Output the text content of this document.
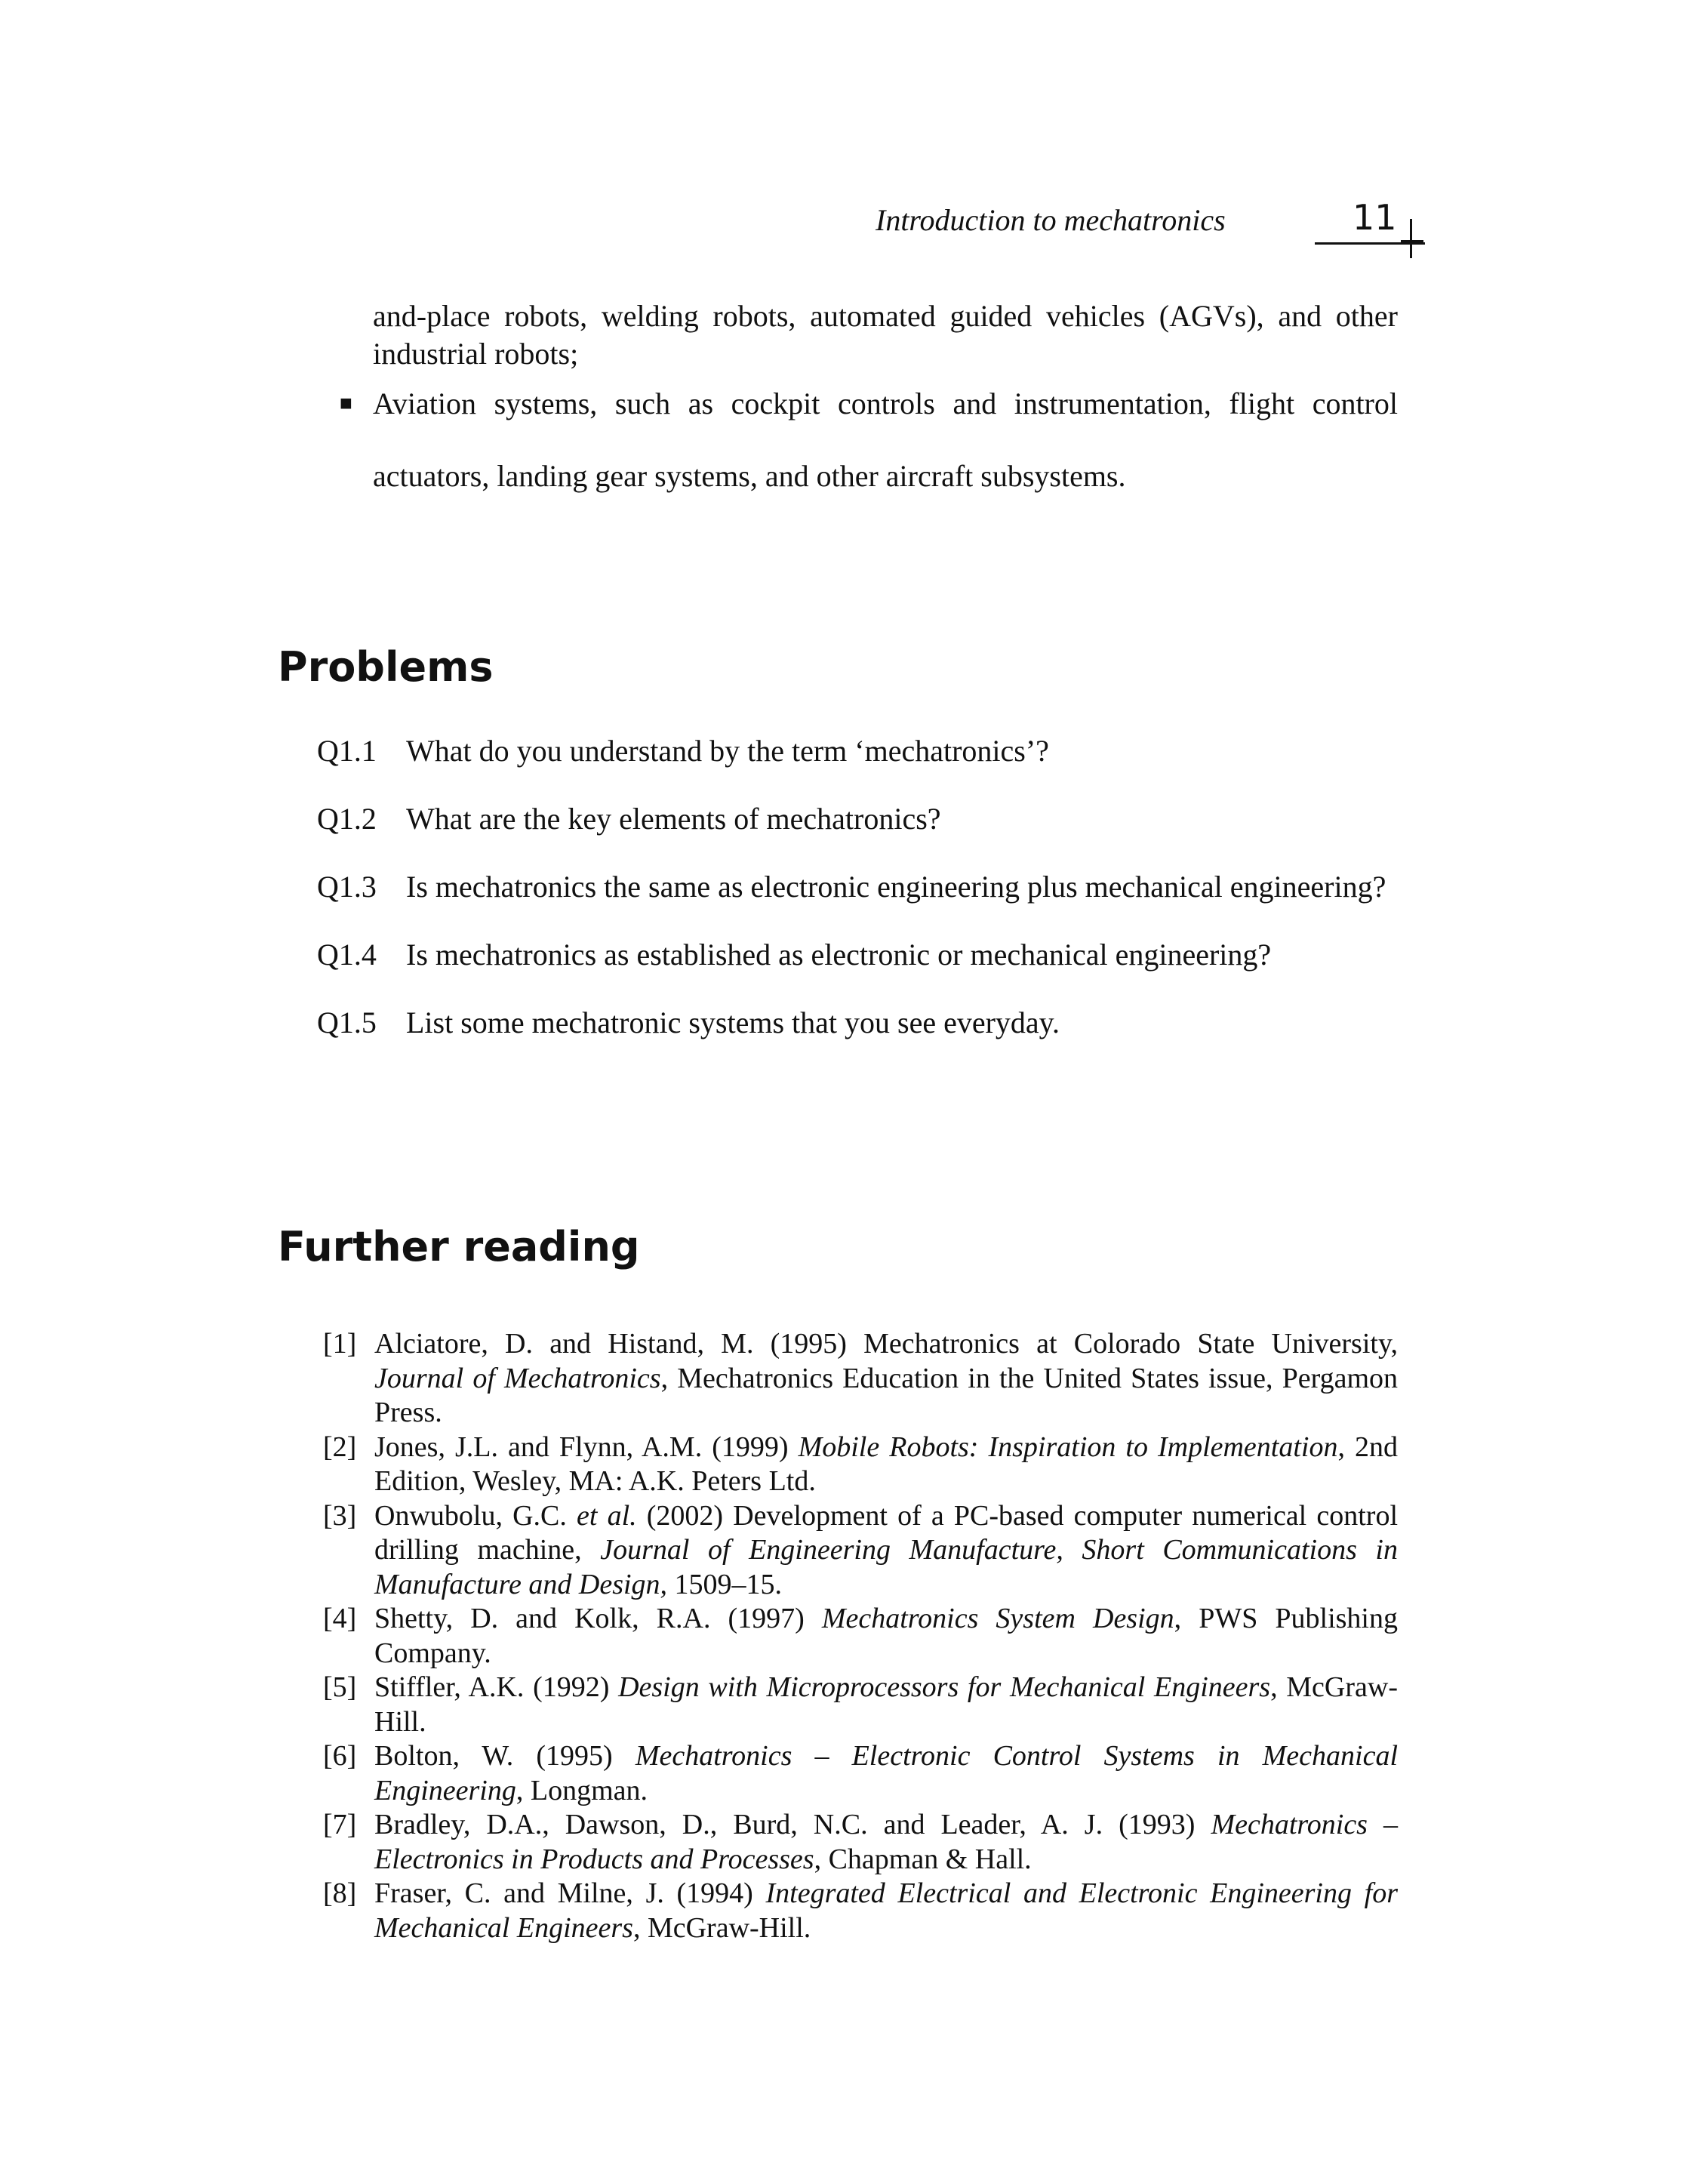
Introduction to mechatronics	11
and-place robots, welding robots, automated guided vehicles (AGVs), and other industrial robots;
■ Aviation systems, such as cockpit controls and instrumentation, flight control actuators, landing gear systems, and other aircraft subsystems.
Problems
Q1.1 What do you understand by the term ‘mechatronics’?
Q1.2 What are the key elements of mechatronics?
Q1.3 Is mechatronics the same as electronic engineering plus mechanical engineering?
Q1.4 Is mechatronics as established as electronic or mechanical engineering?
Q1.5 List some mechatronic systems that you see everyday.
Further reading
[1] Alciatore, D. and Histand, M. (1995) Mechatronics at Colorado State University, Journal of Mechatronics, Mechatronics Education in the United States issue, Pergamon Press.
[2] Jones, J.L. and Flynn, A.M. (1999) Mobile Robots: Inspiration to Implementation, 2nd Edition, Wesley, MA: A.K. Peters Ltd.
[3] Onwubolu, G.C. et al. (2002) Development of a PC-based computer numerical control drilling machine, Journal of Engineering Manufacture, Short Communications in Manufacture and Design, 1509–15.
[4] Shetty, D. and Kolk, R.A. (1997) Mechatronics System Design, PWS Publishing Company.
[5] Stiffler, A.K. (1992) Design with Microprocessors for Mechanical Engineers, McGraw-Hill.
[6] Bolton, W. (1995) Mechatronics – Electronic Control Systems in Mechanical Engineering, Longman.
[7] Bradley, D.A., Dawson, D., Burd, N.C. and Leader, A. J. (1993) Mechatronics – Electronics in Products and Processes, Chapman & Hall.
[8] Fraser, C. and Milne, J. (1994) Integrated Electrical and Electronic Engineering for Mechanical Engineers, McGraw-Hill.
